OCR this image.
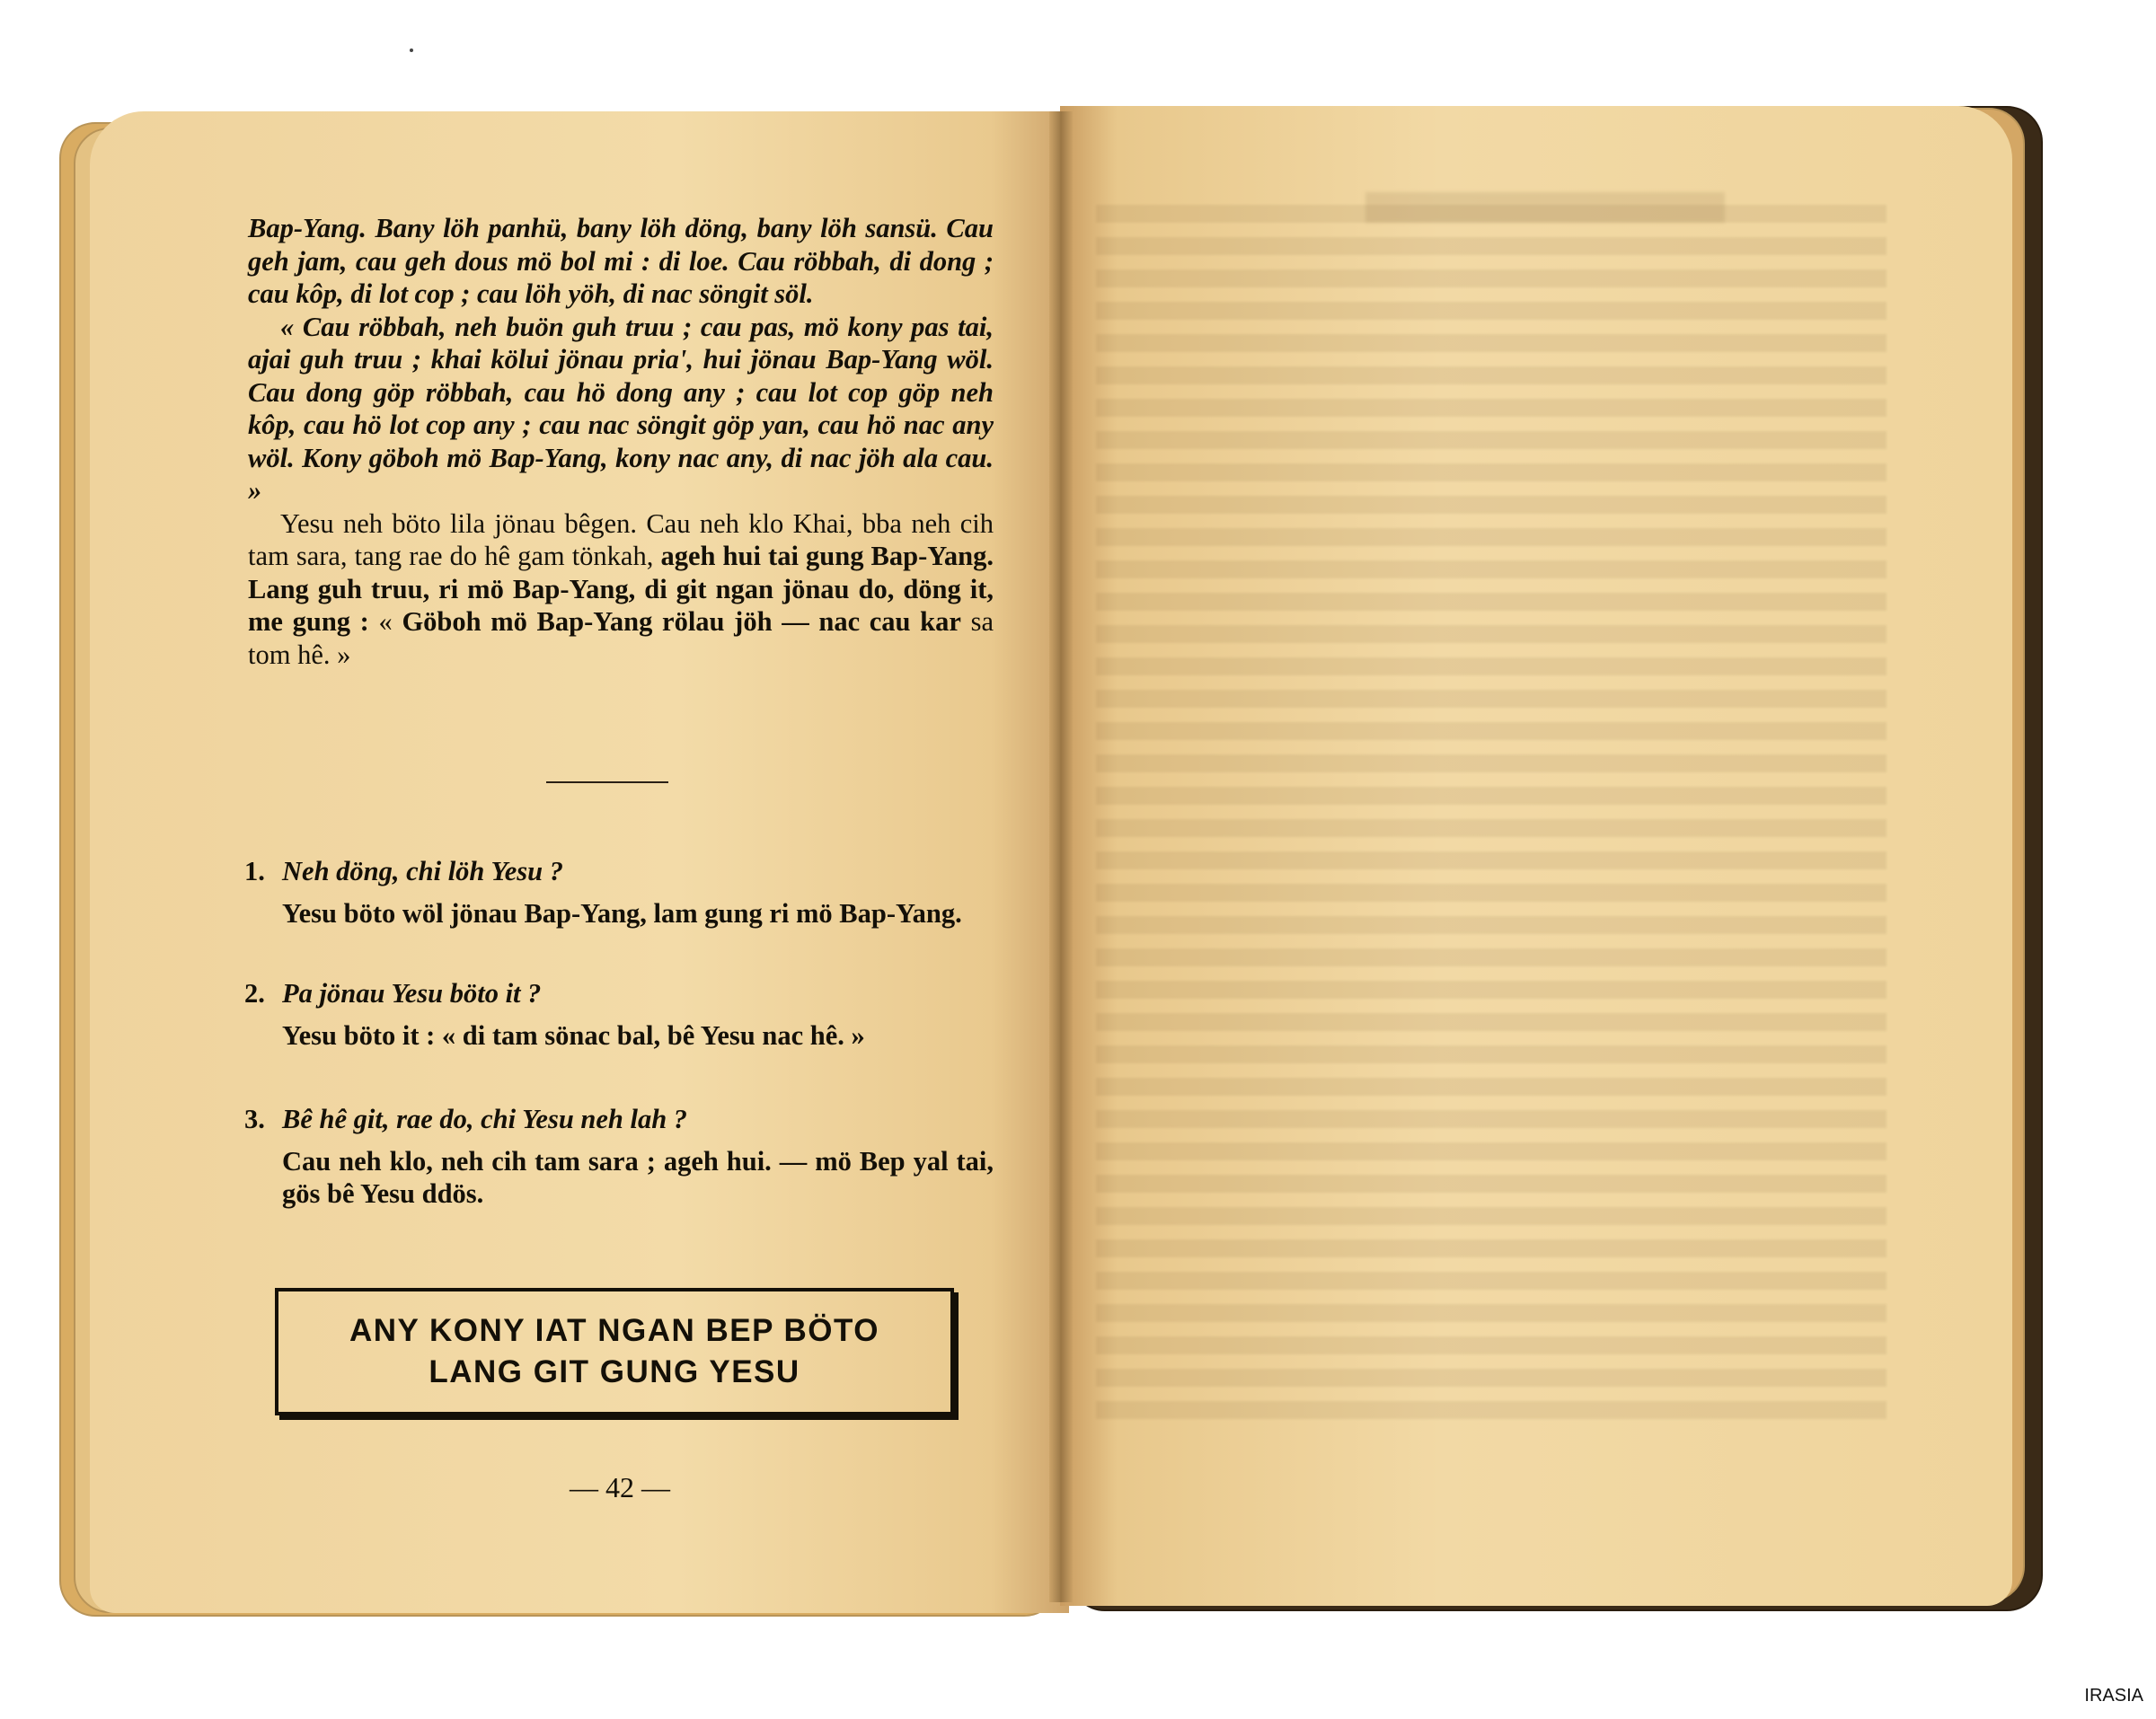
Bap-Yang. Bany löh panhü, bany löh döng, bany löh sansü. Cau geh jam, cau geh dous mö bol mi : di loe. Cau röbbah, di dong ; cau kôp, di lot cop ; cau löh yöh, di nac söngit söl.

« Cau röbbah, neh buön guh truu ; cau pas, mö kony pas tai, ajai guh truu ; khai kölui jönau pria', hui jönau Bap-Yang wöl. Cau dong göp röbbah, cau hö dong any ; cau lot cop göp neh kôp, cau hö lot cop any ; cau nac söngit göp yan, cau hö nac any wöl. Kony göboh mö Bap-Yang, kony nac any, di nac jöh ala cau. »

Yesu neh böto lila jönau bêgen. Cau neh klo Khai, bba neh cih tam sara, tang rae do hê gam tönkah, ageh hui tai gung Bap-Yang. Lang guh truu, ri mö Bap-Yang, di git ngan jönau do, döng it, me gung : « Göboh mö Bap-Yang rölau jöh — nac cau kar sa tom hê. »

1. Neh döng, chi löh Yesu ?
Yesu böto wöl jönau Bap-Yang, lam gung ri mö Bap-Yang.
2. Pa jönau Yesu böto it ?
Yesu böto it : « di tam sönac bal, bê Yesu nac hê. »
3. Bê hê git, rae do, chi Yesu neh lah ?
Cau neh klo, neh cih tam sara ; ageh hui. — mö Bep yal tai, gös bê Yesu ddös.
ANY KONY IAT NGAN BEP BÖTO
LANG GIT GUNG YESU
— 42 —
IRASIA
